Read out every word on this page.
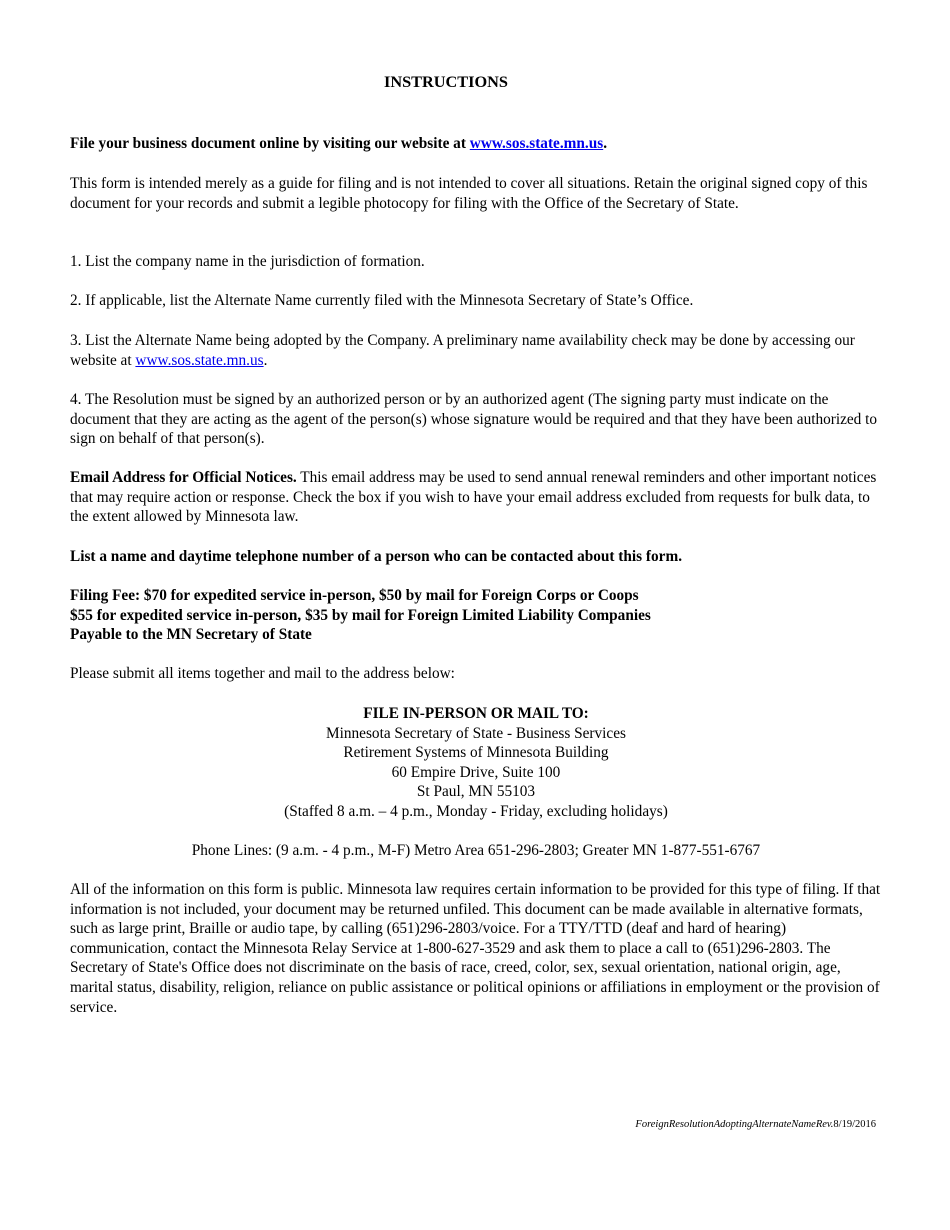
INSTRUCTIONS
File your business document online by visiting our website at www.sos.state.mn.us.
This form is intended merely as a guide for filing and is not intended to cover all situations. Retain the original signed copy of this document for your records and submit a legible photocopy for filing with the Office of the Secretary of State.
1. List the company name in the jurisdiction of formation.
2. If applicable, list the Alternate Name currently filed with the Minnesota Secretary of State’s Office.
3. List the Alternate Name being adopted by the Company. A preliminary name availability check may be done by accessing our website at www.sos.state.mn.us.
4. The Resolution must be signed by an authorized person or by an authorized agent (The signing party must indicate on the document that they are acting as the agent of the person(s) whose signature would be required and that they have been authorized to sign on behalf of that person(s).
Email Address for Official Notices. This email address may be used to send annual renewal reminders and other important notices that may require action or response. Check the box if you wish to have your email address excluded from requests for bulk data, to the extent allowed by Minnesota law.
List a name and daytime telephone number of a person who can be contacted about this form.
Filing Fee: $70 for expedited service in-person, $50 by mail for Foreign Corps or Coops
$55 for expedited service in-person, $35 by mail for Foreign Limited Liability Companies
Payable to the MN Secretary of State
Please submit all items together and mail to the address below:
FILE IN-PERSON OR MAIL TO:
Minnesota Secretary of State - Business Services
Retirement Systems of Minnesota Building
60 Empire Drive, Suite 100
St Paul, MN 55103
(Staffed 8 a.m. – 4 p.m., Monday - Friday, excluding holidays)
Phone Lines: (9 a.m. - 4 p.m., M-F) Metro Area 651-296-2803; Greater MN 1-877-551-6767
All of the information on this form is public. Minnesota law requires certain information to be provided for this type of filing. If that information is not included, your document may be returned unfiled. This document can be made available in alternative formats, such as large print, Braille or audio tape, by calling (651)296-2803/voice. For a TTY/TTD (deaf and hard of hearing) communication, contact the Minnesota Relay Service at 1-800-627-3529 and ask them to place a call to (651)296-2803. The Secretary of State's Office does not discriminate on the basis of race, creed, color, sex, sexual orientation, national origin, age, marital status, disability, religion, reliance on public assistance or political opinions or affiliations in employment or the provision of service.
ForeignResolutionAdoptingAlternateNameRev.8/19/2016
